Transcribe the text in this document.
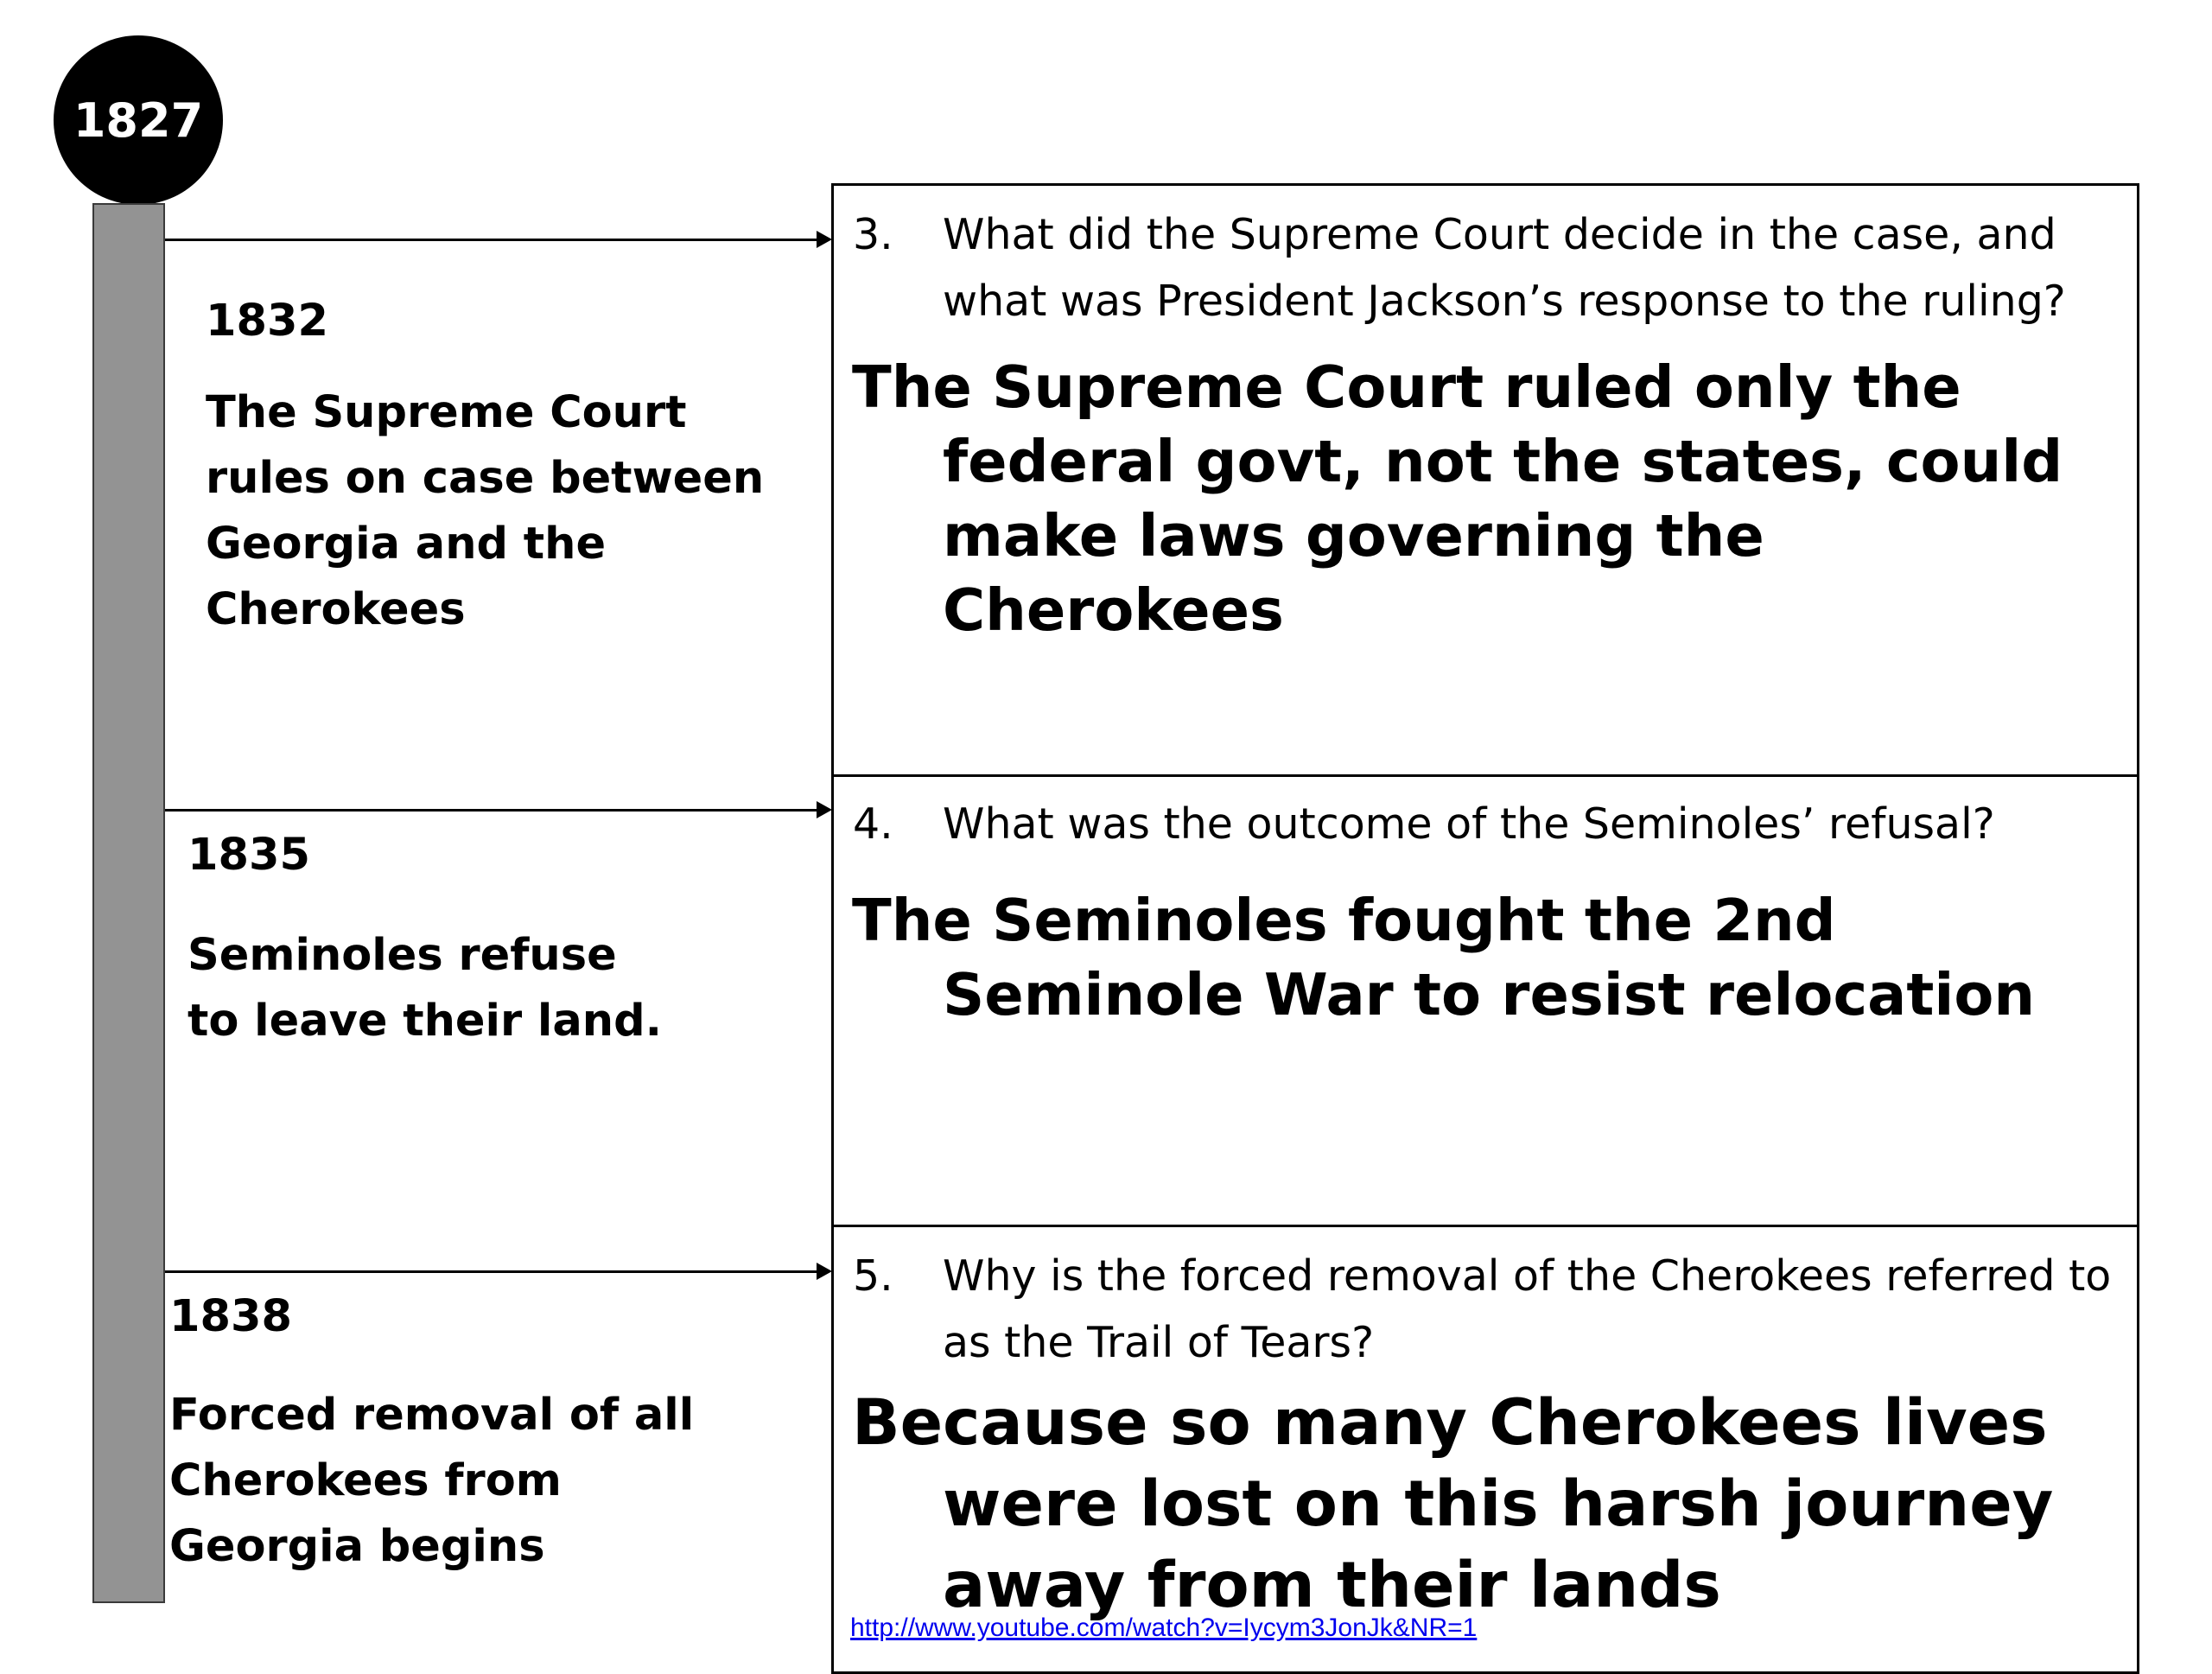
1827
1832
The Supreme Court rules on case between Georgia and the Cherokees
1835
Seminoles refuse to leave their land.
1838
Forced removal of all Cherokees from Georgia begins
3. What did the Supreme Court decide in the case, and what was President Jackson’s response to the ruling?
The Supreme Court ruled only the federal govt, not the states, could make laws governing the Cherokees
4. What was the outcome of the Seminoles’ refusal?
The Seminoles fought the 2nd Seminole War to resist relocation
5. Why is the forced removal of the Cherokees referred to as the Trail of Tears?
Because so many Cherokees lives were lost on this harsh journey away from their lands
http://www.youtube.com/watch?v=Iycym3JonJk&NR=1
